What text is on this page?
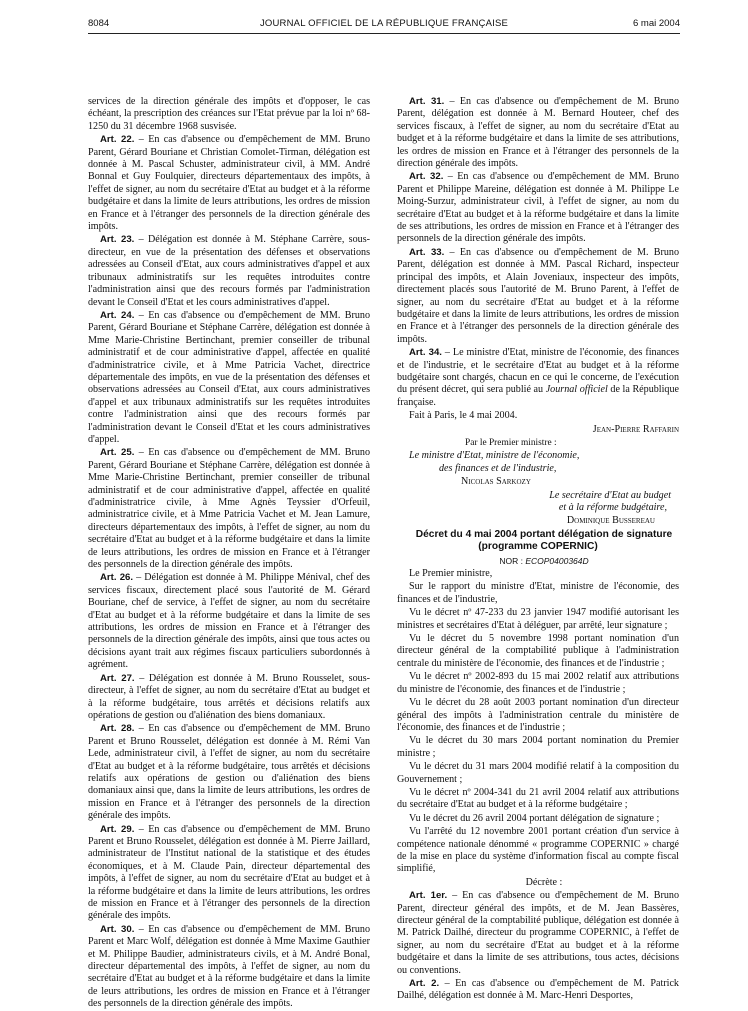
8084	JOURNAL OFFICIEL DE LA RÉPUBLIQUE FRANÇAISE	6 mai 2004

services de la direction générale des impôts et d'opposer, le cas échéant, la prescription des créances sur l'Etat prévue par la loi nº 68-1250 du 31 décembre 1968 susvisée.

Art. 22. – En cas d'absence ou d'empêchement de MM. Bruno Parent, Gérard Bouriane et Christian Comolet-Tirman, délégation est donnée à M. Pascal Schuster, administrateur civil, à MM. André Bonnal et Guy Foulquier, directeurs départementaux des impôts, à l'effet de signer, au nom du secrétaire d'Etat au budget et à la réforme budgétaire et dans la limite de leurs attributions, les ordres de mission en France et à l'étranger des personnels de la direction générale des impôts.

Art. 23. – Délégation est donnée à M. Stéphane Carrère, sous-directeur, en vue de la présentation des défenses et observations adressées au Conseil d'Etat, aux cours administratives d'appel et aux tribunaux administratifs sur les requêtes introduites contre l'administration ainsi que des recours formés par l'administration devant le Conseil d'Etat et les cours administratives d'appel.

Art. 24. – En cas d'absence ou d'empêchement de MM. Bruno Parent, Gérard Bouriane et Stéphane Carrère, délégation est donnée à Mme Marie-Christine Bertinchant, premier conseiller de tribunal administratif et de cour administrative d'appel, affectée en qualité d'administratrice civile, et à Mme Patricia Vachet, directrice départementale des impôts, en vue de la présentation des défenses et observations adressées au Conseil d'Etat, aux cours administratives d'appel et aux tribunaux administratifs sur les requêtes introduites contre l'administration ainsi que des recours formés par l'administration devant le Conseil d'Etat et les cours administratives d'appel.

Art. 25. – En cas d'absence ou d'empêchement de MM. Bruno Parent, Gérard Bouriane et Stéphane Carrère, délégation est donnée à Mme Marie-Christine Bertinchant, premier conseiller de tribunal administratif et de cour administrative d'appel, affectée en qualité d'administratrice civile, à Mme Agnès Teyssier d'Orfeuil, administratrice civile, et à Mme Patricia Vachet et M. Jean Lamure, directeurs départementaux des impôts, à l'effet de signer, au nom du secrétaire d'Etat au budget et à la réforme budgétaire et dans la limite de leurs attributions, les ordres de mission en France et à l'étranger des personnels de la direction générale des impôts.

Art. 26. – Délégation est donnée à M. Philippe Ménival, chef des services fiscaux, directement placé sous l'autorité de M. Gérard Bouriane, chef de service, à l'effet de signer, au nom du secrétaire d'Etat au budget et à la réforme budgétaire et dans la limite de ses attributions, les ordres de mission en France et à l'étranger des personnels de la direction générale des impôts, ainsi que tous actes ou décisions ayant trait aux régimes fiscaux particuliers subordonnés à agrément.

Art. 27. – Délégation est donnée à M. Bruno Rousselet, sous-directeur, à l'effet de signer, au nom du secrétaire d'Etat au budget et à la réforme budgétaire, tous arrêtés et décisions relatifs aux opérations de gestion ou d'aliénation des biens domaniaux.

Art. 28. – En cas d'absence ou d'empêchement de MM. Bruno Parent et Bruno Rousselet, délégation est donnée à M. Rémi Van Lede, administrateur civil, à l'effet de signer, au nom du secrétaire d'Etat au budget et à la réforme budgétaire, tous arrêtés et décisions relatifs aux opérations de gestion ou d'aliénation des biens domaniaux ainsi que, dans la limite de leurs attributions, les ordres de mission en France et à l'étranger des personnels de la direction générale des impôts.

Art. 29. – En cas d'absence ou d'empêchement de MM. Bruno Parent et Bruno Rousselet, délégation est donnée à M. Pierre Jaillard, administrateur de l'Institut national de la statistique et des études économiques, et à M. Claude Pain, directeur départemental des impôts, à l'effet de signer, au nom du secrétaire d'Etat au budget et à la réforme budgétaire et dans la limite de leurs attributions, les ordres de mission en France et à l'étranger des personnels de la direction générale des impôts.

Art. 30. – En cas d'absence ou d'empêchement de MM. Bruno Parent et Marc Wolf, délégation est donnée à Mme Maxime Gauthier et M. Philippe Baudier, administrateurs civils, et à M. André Bonal, directeur départemental des impôts, à l'effet de signer, au nom du secrétaire d'Etat au budget et à la réforme budgétaire et dans la limite de leurs attributions, les ordres de mission en France et à l'étranger des personnels de la direction générale des impôts.

Art. 31. – En cas d'absence ou d'empêchement de M. Bruno Parent, délégation est donnée à M. Bernard Houteer, chef des services fiscaux, à l'effet de signer, au nom du secrétaire d'Etat au budget et à la réforme budgétaire et dans la limite de ses attributions, les ordres de mission en France et à l'étranger des personnels de la direction générale des impôts.

Art. 32. – En cas d'absence ou d'empêchement de MM. Bruno Parent et Philippe Mareine, délégation est donnée à M. Philippe Le Moing-Surzur, administrateur civil, à l'effet de signer, au nom du secrétaire d'Etat au budget et à la réforme budgétaire et dans la limite de ses attributions, les ordres de mission en France et à l'étranger des personnels de la direction générale des impôts.

Art. 33. – En cas d'absence ou d'empêchement de M. Bruno Parent, délégation est donnée à MM. Pascal Richard, inspecteur principal des impôts, et Alain Joveniaux, inspecteur des impôts, directement placés sous l'autorité de M. Bruno Parent, à l'effet de signer, au nom du secrétaire d'Etat au budget et à la réforme budgétaire et dans la limite de leurs attributions, les ordres de mission en France et à l'étranger des personnels de la direction générale des impôts.

Art. 34. – Le ministre d'Etat, ministre de l'économie, des finances et de l'industrie, et le secrétaire d'Etat au budget et à la réforme budgétaire sont chargés, chacun en ce qui le concerne, de l'exécution du présent décret, qui sera publié au Journal officiel de la République française.

Fait à Paris, le 4 mai 2004.

Jean-Pierre Raffarin

Par le Premier ministre :

Le ministre d'Etat, ministre de l'économie,
des finances et de l'industrie,

Nicolas Sarkozy

Le secrétaire d'Etat au budget
et à la réforme budgétaire,

Dominique Bussereau

Décret du 4 mai 2004 portant délégation de signature (programme COPERNIC)

NOR : ECOP0400364D

Le Premier ministre,

Sur le rapport du ministre d'Etat, ministre de l'économie, des finances et de l'industrie,

Vu le décret nº 47-233 du 23 janvier 1947 modifié autorisant les ministres et secrétaires d'Etat à déléguer, par arrêté, leur signature ;

Vu le décret du 5 novembre 1998 portant nomination d'un directeur général de la comptabilité publique à l'administration centrale du ministère de l'économie, des finances et de l'industrie ;

Vu le décret nº 2002-893 du 15 mai 2002 relatif aux attributions du ministre de l'économie, des finances et de l'industrie ;

Vu le décret du 28 août 2003 portant nomination d'un directeur général des impôts à l'administration centrale du ministère de l'économie, des finances et de l'industrie ;

Vu le décret du 30 mars 2004 portant nomination du Premier ministre ;

Vu le décret du 31 mars 2004 modifié relatif à la composition du Gouvernement ;

Vu le décret nº 2004-341 du 21 avril 2004 relatif aux attributions du secrétaire d'Etat au budget et à la réforme budgétaire ;

Vu le décret du 26 avril 2004 portant délégation de signature ;

Vu l'arrêté du 12 novembre 2001 portant création d'un service à compétence nationale dénommé « programme COPERNIC » chargé de la mise en place du système d'information fiscal au compte fiscal simplifié,

Décrète :

Art. 1er. – En cas d'absence ou d'empêchement de M. Bruno Parent, directeur général des impôts, et de M. Jean Bassères, directeur général de la comptabilité publique, délégation est donnée à M. Patrick Dailhé, directeur du programme COPERNIC, à l'effet de signer, au nom du secrétaire d'Etat au budget et à la réforme budgétaire et dans la limite de ses attributions, tous actes, décisions ou conventions.

Art. 2. – En cas d'absence ou d'empêchement de M. Patrick Dailhé, délégation est donnée à M. Marc-Henri Desportes,
